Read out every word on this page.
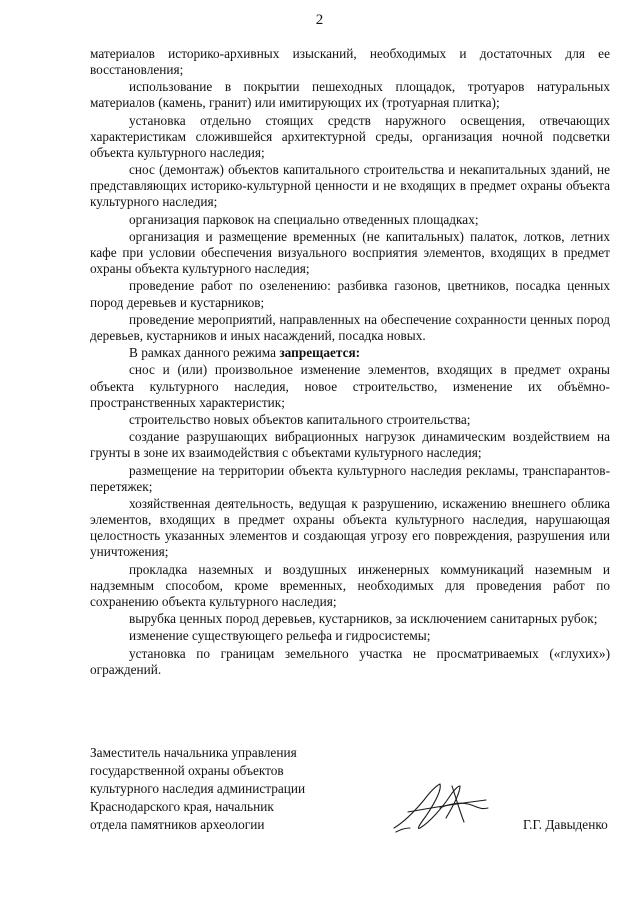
2

материалов историко-архивных изысканий, необходимых и достаточных для ее восстановления;

использование в покрытии пешеходных площадок, тротуаров натуральных материалов (камень, гранит) или имитирующих их (тротуарная плитка);

установка отдельно стоящих средств наружного освещения, отвечающих характеристикам сложившейся архитектурной среды, организация ночной подсветки объекта культурного наследия;

снос (демонтаж) объектов капитального строительства и некапитальных зданий, не представляющих историко-культурной ценности и не входящих в предмет охраны объекта культурного наследия;

организация парковок на специально отведенных площадках;

организация и размещение временных (не капитальных) палаток, лотков, летних кафе при условии обеспечения визуального восприятия элементов, входящих в предмет охраны объекта культурного наследия;

проведение работ по озеленению: разбивка газонов, цветников, посадка ценных пород деревьев и кустарников;

проведение мероприятий, направленных на обеспечение сохранности ценных пород деревьев, кустарников и иных насаждений, посадка новых.

В рамках данного режима запрещается:

снос и (или) произвольное изменение элементов, входящих в предмет охраны объекта культурного наследия, новое строительство, изменение их объёмно-пространственных характеристик;

строительство новых объектов капитального строительства;

создание разрушающих вибрационных нагрузок динамическим воздействием на грунты в зоне их взаимодействия с объектами культурного наследия;

размещение на территории объекта культурного наследия рекламы, транспарантов-перетяжек;

хозяйственная деятельность, ведущая к разрушению, искажению внешнего облика элементов, входящих в предмет охраны объекта культурного наследия, нарушающая целостность указанных элементов и создающая угрозу его повреждения, разрушения или уничтожения;

прокладка наземных и воздушных инженерных коммуникаций наземным и надземным способом, кроме временных, необходимых для проведения работ по сохранению объекта культурного наследия;

вырубка ценных пород деревьев, кустарников, за исключением санитарных рубок;

изменение существующего рельефа и гидросистемы;

установка по границам земельного участка не просматриваемых («глухих») ограждений.

Заместитель начальника управления
государственной охраны объектов
культурного наследия администрации
Краснодарского края, начальник
отдела памятников археологии	Г.Г. Давыденко
